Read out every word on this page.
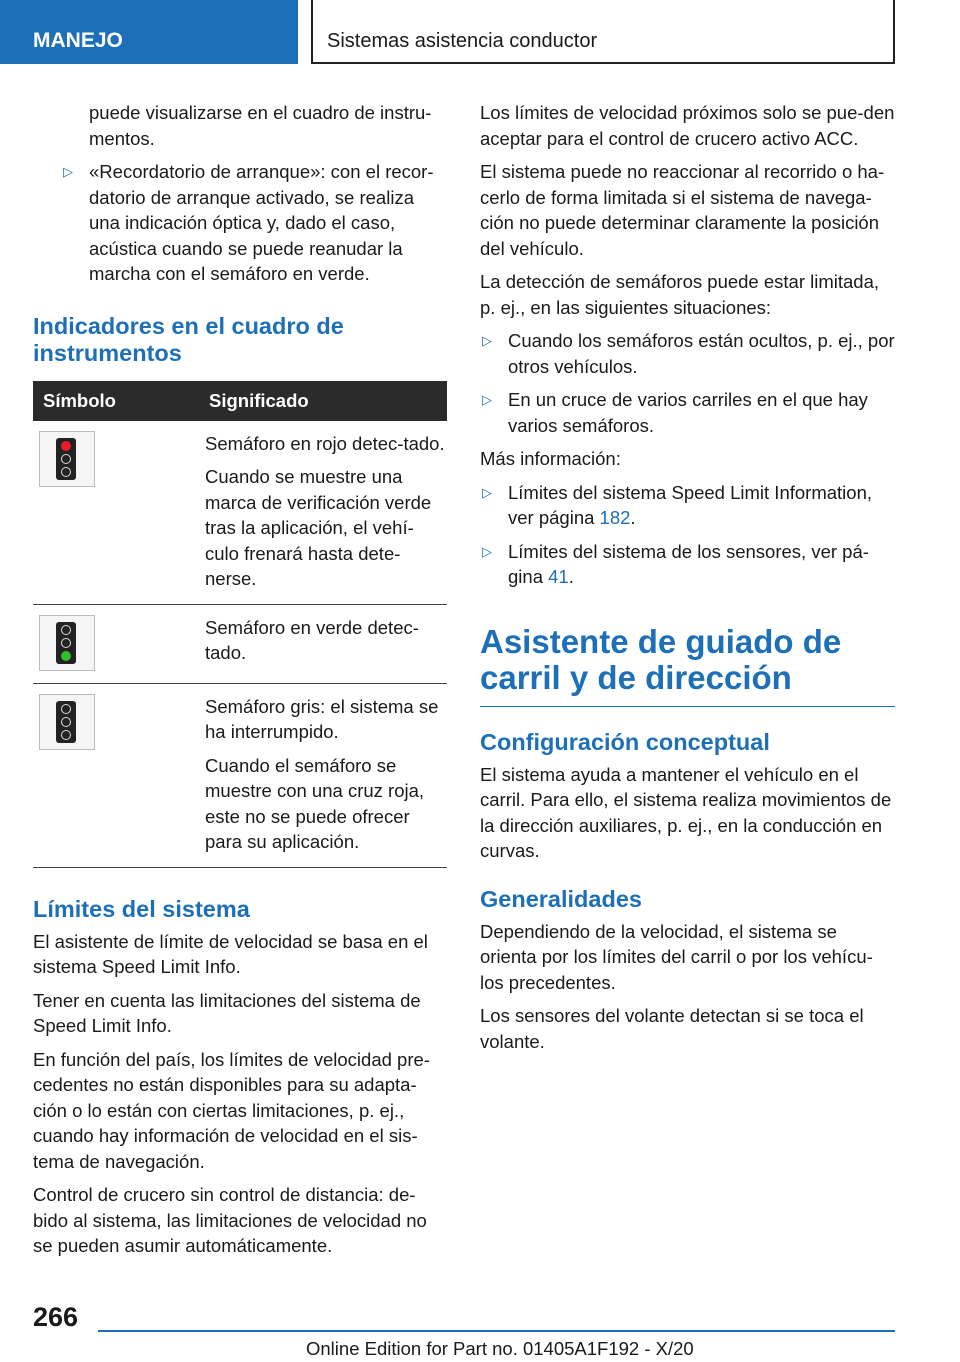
MANEJO	Sistemas asistencia conductor

puede visualizarse en el cuadro de instru-mentos.

▷ «Recordatorio de arranque»: con el recor-datorio de arranque activado, se realiza una indicación óptica y, dado el caso, acústica cuando se puede reanudar la marcha con el semáforo en verde.
Indicadores en el cuadro de instrumentos
Símbolo	Significado

	Semáforo en rojo detec-tado.

Cuando se muestre una marca de verificación verde tras la aplicación, el vehí-culo frenará hasta dete-nerse.

	Semáforo en verde detec-tado.

	Semáforo gris: el sistema se ha interrumpido.

Cuando el semáforo se muestre con una cruz roja, este no se puede ofrecer para su aplicación.

Límites del sistema

El asistente de límite de velocidad se basa en el sistema Speed Limit Info.

Tener en cuenta las limitaciones del sistema de Speed Limit Info.

En función del país, los límites de velocidad pre-cedentes no están disponibles para su adapta-ción o lo están con ciertas limitaciones, p. ej., cuando hay información de velocidad en el sis-tema de navegación.

Control de crucero sin control de distancia: de-bido al sistema, las limitaciones de velocidad no se pueden asumir automáticamente.

Los límites de velocidad próximos solo se pue-den aceptar para el control de crucero activo ACC.

El sistema puede no reaccionar al recorrido o ha-cerlo de forma limitada si el sistema de navega-ción no puede determinar claramente la posición del vehículo.

La detección de semáforos puede estar limitada, p. ej., en las siguientes situaciones:

▷ Cuando los semáforos están ocultos, p. ej., por otros vehículos.
▷ En un cruce de varios carriles en el que hay varios semáforos.

Más información:

▷ Límites del sistema Speed Limit Information, ver página 182.
▷ Límites del sistema de los sensores, ver pá-gina 41.
Asistente de guiado de carril y de dirección
Configuración conceptual

El sistema ayuda a mantener el vehículo en el carril. Para ello, el sistema realiza movimientos de la dirección auxiliares, p. ej., en la conducción en curvas.

Generalidades

Dependiendo de la velocidad, el sistema se orienta por los límites del carril o por los vehícu-los precedentes.

Los sensores del volante detectan si se toca el volante.

266
Online Edition for Part no. 01405A1F192 - X/20
